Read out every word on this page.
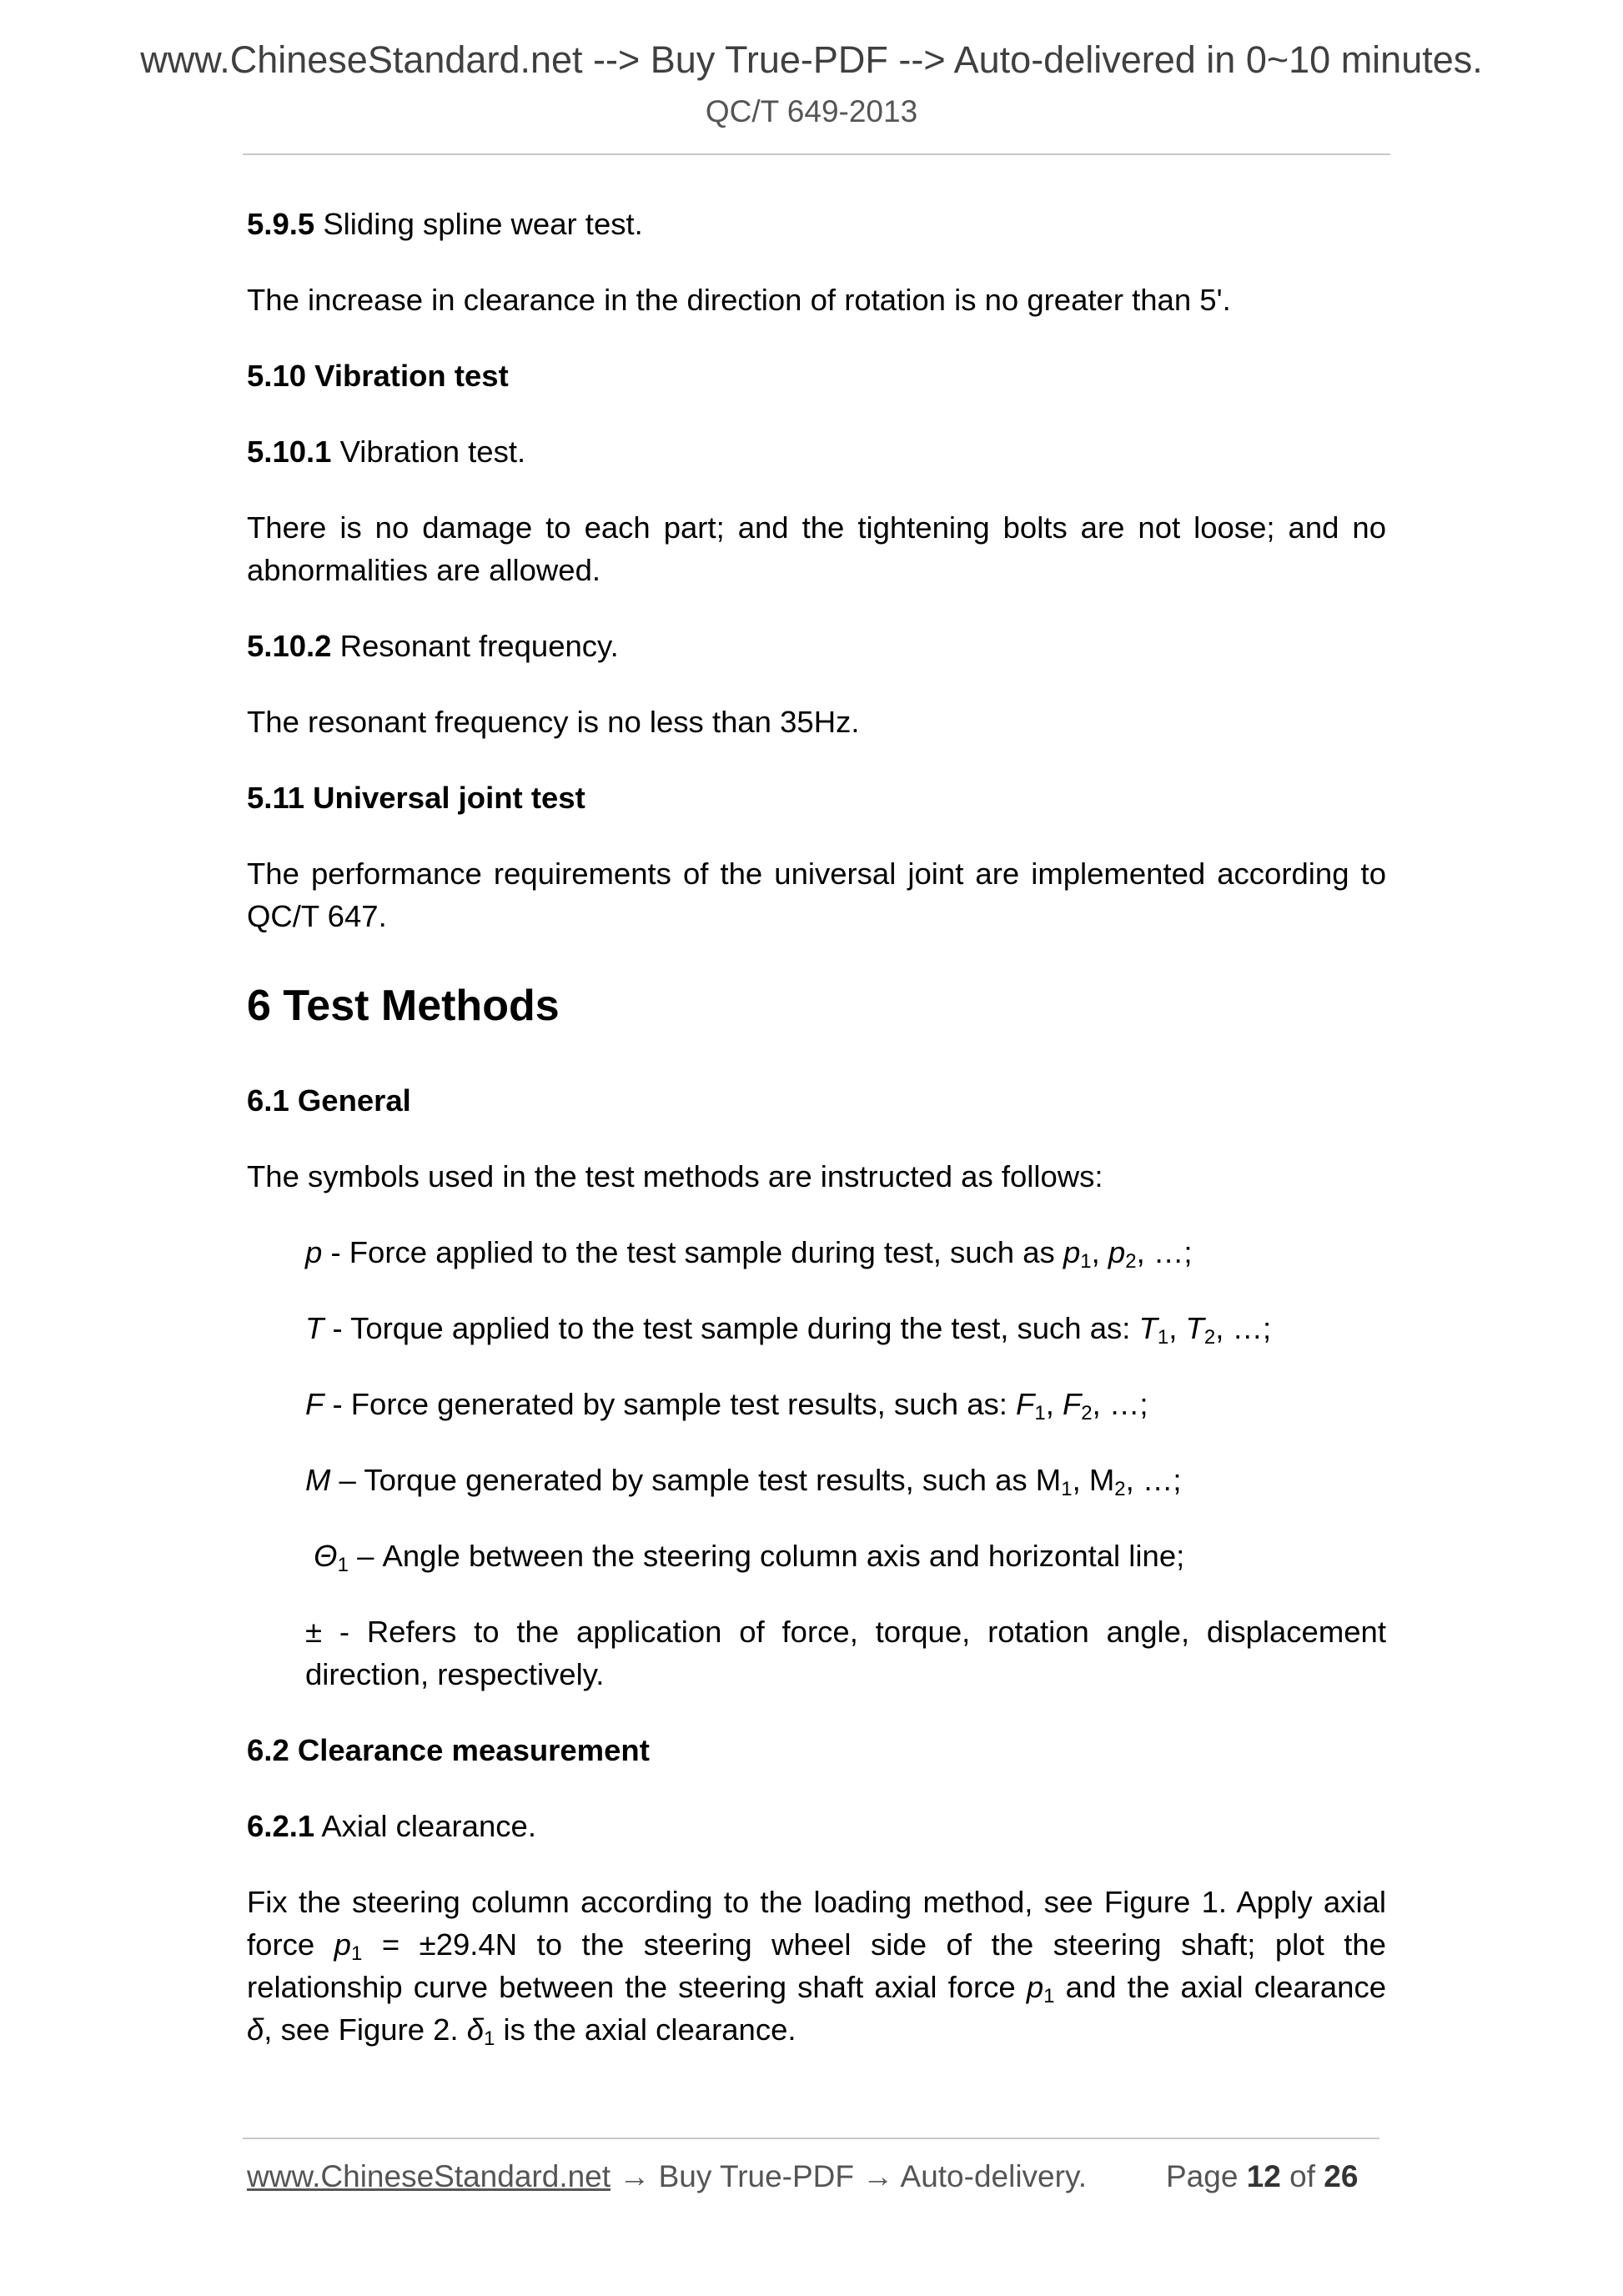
www.ChineseStandard.net --> Buy True-PDF --> Auto-delivered in 0~10 minutes.
QC/T 649-2013

5.9.5 Sliding spline wear test.

The increase in clearance in the direction of rotation is no greater than 5'.

5.10 Vibration test

5.10.1 Vibration test.

There is no damage to each part; and the tightening bolts are not loose; and no abnormalities are allowed.

5.10.2 Resonant frequency.

The resonant frequency is no less than 35Hz.

5.11 Universal joint test

The performance requirements of the universal joint are implemented according to QC/T 647.

6 Test Methods

6.1 General

The symbols used in the test methods are instructed as follows:

p - Force applied to the test sample during test, such as $p_1$, $p_2$, …;

T - Torque applied to the test sample during the test, such as: $T_1$, $T_2$, …;

F - Force generated by sample test results, such as: $F_1$, $F_2$, …;

M – Torque generated by sample test results, such as $M_1$, $M_2$, …;

$\Theta_1$ – Angle between the steering column axis and horizontal line;

± - Refers to the application of force, torque, rotation angle, displacement direction, respectively.

6.2 Clearance measurement

6.2.1 Axial clearance.

Fix the steering column according to the loading method, see Figure 1. Apply axial force $p_1 = \pm 29.4N$ to the steering wheel side of the steering shaft; plot the relationship curve between the steering shaft axial force $p_1$ and the axial clearance δ, see Figure 2. $\delta_1$ is the axial clearance.

www.ChineseStandard.net → Buy True-PDF → Auto-delivery.	Page 12 of 26
